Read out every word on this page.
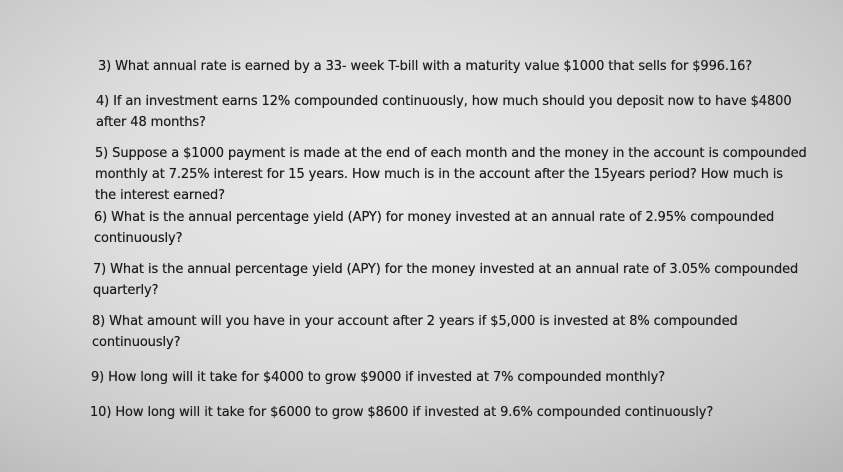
3) What annual rate is earned by a 33- week T-bill with a maturity value $1000 that sells for $996.16?
4) If an investment earns 12% compounded continuously, how much should you deposit now to have $4800
after 48 months?
5) Suppose a $1000 payment is made at the end of each month and the money in the account is compounded
monthly at 7.25% interest for 15 years. How much is in the account after the 15years period? How much is
the interest earned?
6) What is the annual percentage yield (APY) for money invested at an annual rate of 2.95% compounded
continuously?
7) What is the annual percentage yield (APY) for the money invested at an annual rate of 3.05% compounded
quarterly?
8) What amount will you have in your account after 2 years if $5,000 is invested at 8% compounded
continuously?
9) How long will it take for $4000 to grow $9000 if invested at 7% compounded monthly?
10) How long will it take for $6000 to grow $8600 if invested at 9.6% compounded continuously?
